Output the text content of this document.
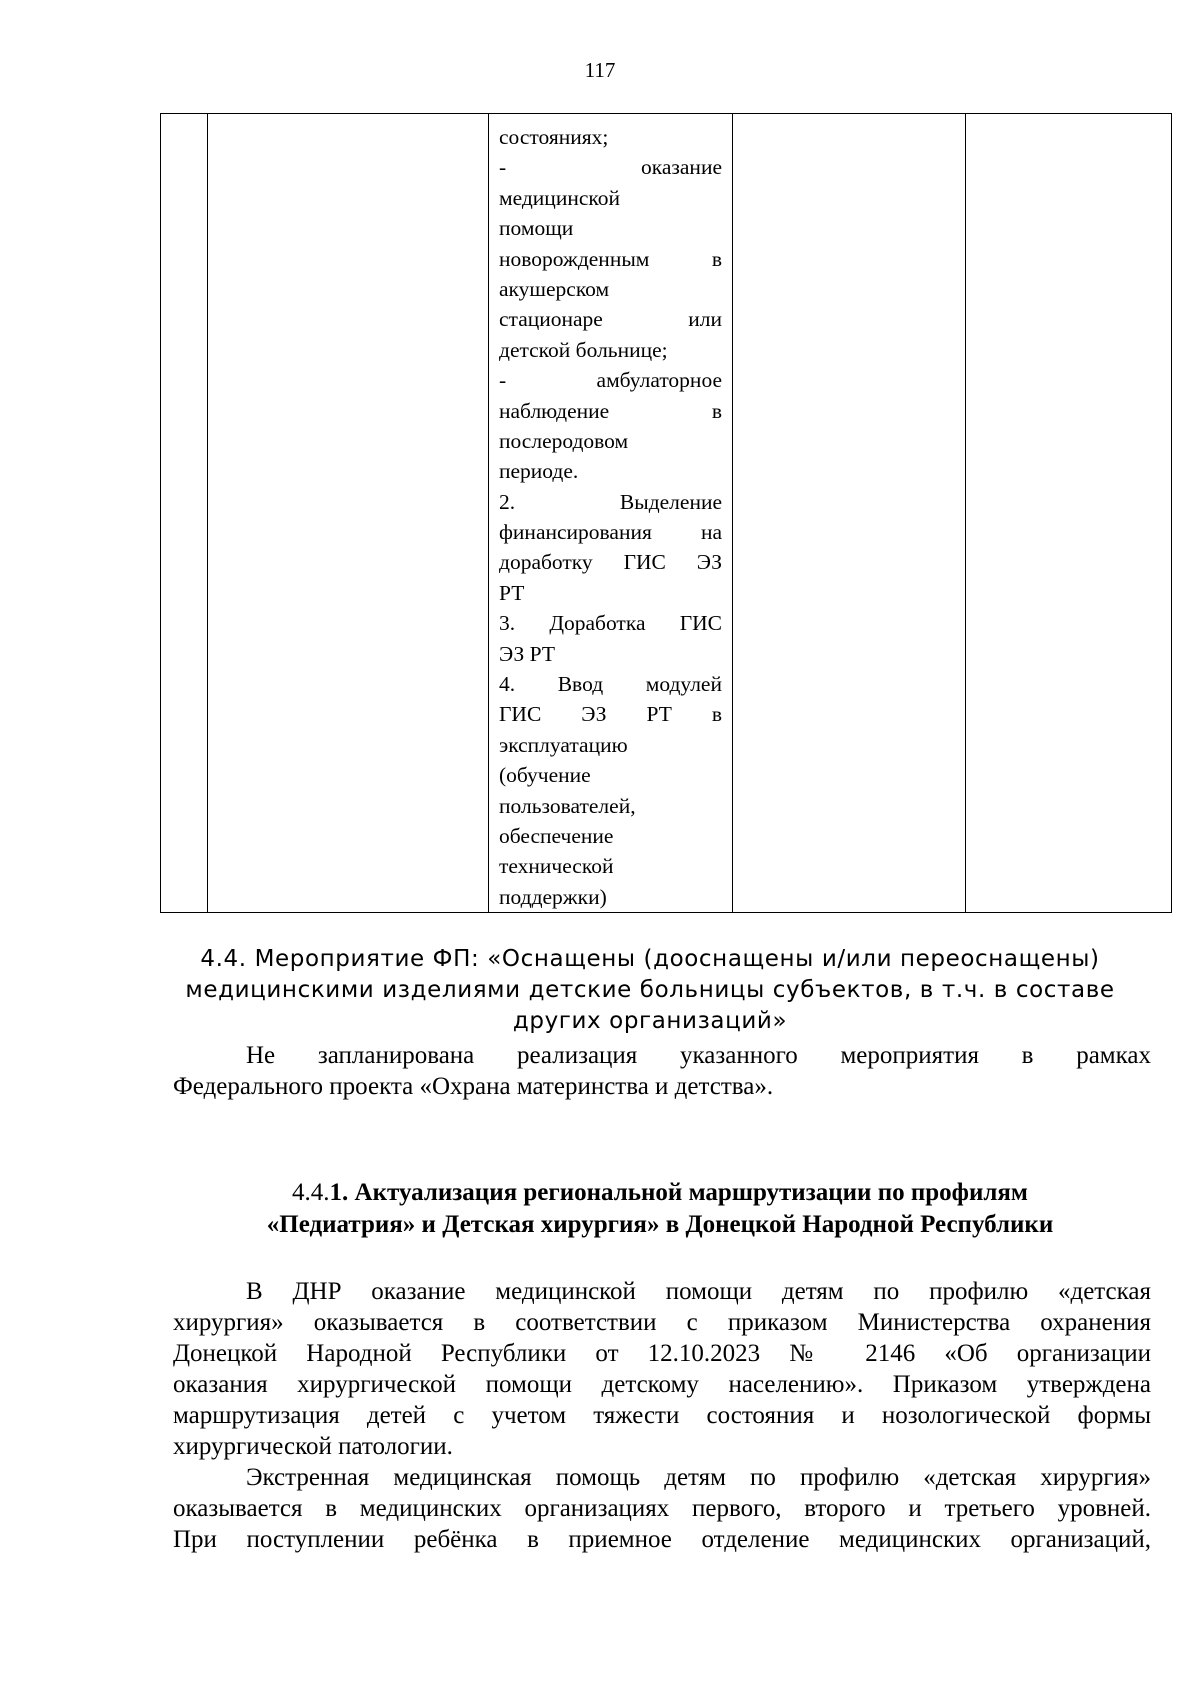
117

состояниях;
- оказание
медицинской
помощи
новорожденным в
акушерском
стационаре или
детской больнице;
- амбулаторное
наблюдение в
послеродовом
периоде.
2. Выделение
финансирования на
доработку ГИС ЭЗ
РТ
3. Доработка ГИС
ЭЗ РТ
4. Ввод модулей
ГИС ЭЗ РТ в
эксплуатацию
(обучение
пользователей,
обеспечение
технической
поддержки)

4.4. Мероприятие ФП: «Оснащены (дооснащены и/или переоснащены)
медицинскими изделиями детские больницы субъектов, в т.ч. в составе
других организаций»
Не запланирована реализация указанного мероприятия в рамках
Федерального проекта «Охрана материнства и детства».
4.4.1. Актуализация региональной маршрутизации по профилям
«Педиатрия» и Детская хирургия» в Донецкой Народной Республики
В ДНР оказание медицинской помощи детям по профилю «детская
хирургия» оказывается в соответствии с приказом Министерства охранения
Донецкой Народной Республики от 12.10.2023 № 2146 «Об организации
оказания хирургической помощи детскому населению». Приказом утверждена
маршрутизация детей с учетом тяжести состояния и нозологической формы
хирургической патологии.
Экстренная медицинская помощь детям по профилю «детская хирургия»
оказывается в медицинских организациях первого, второго и третьего уровней.
При поступлении ребёнка в приемное отделение медицинских организаций,
